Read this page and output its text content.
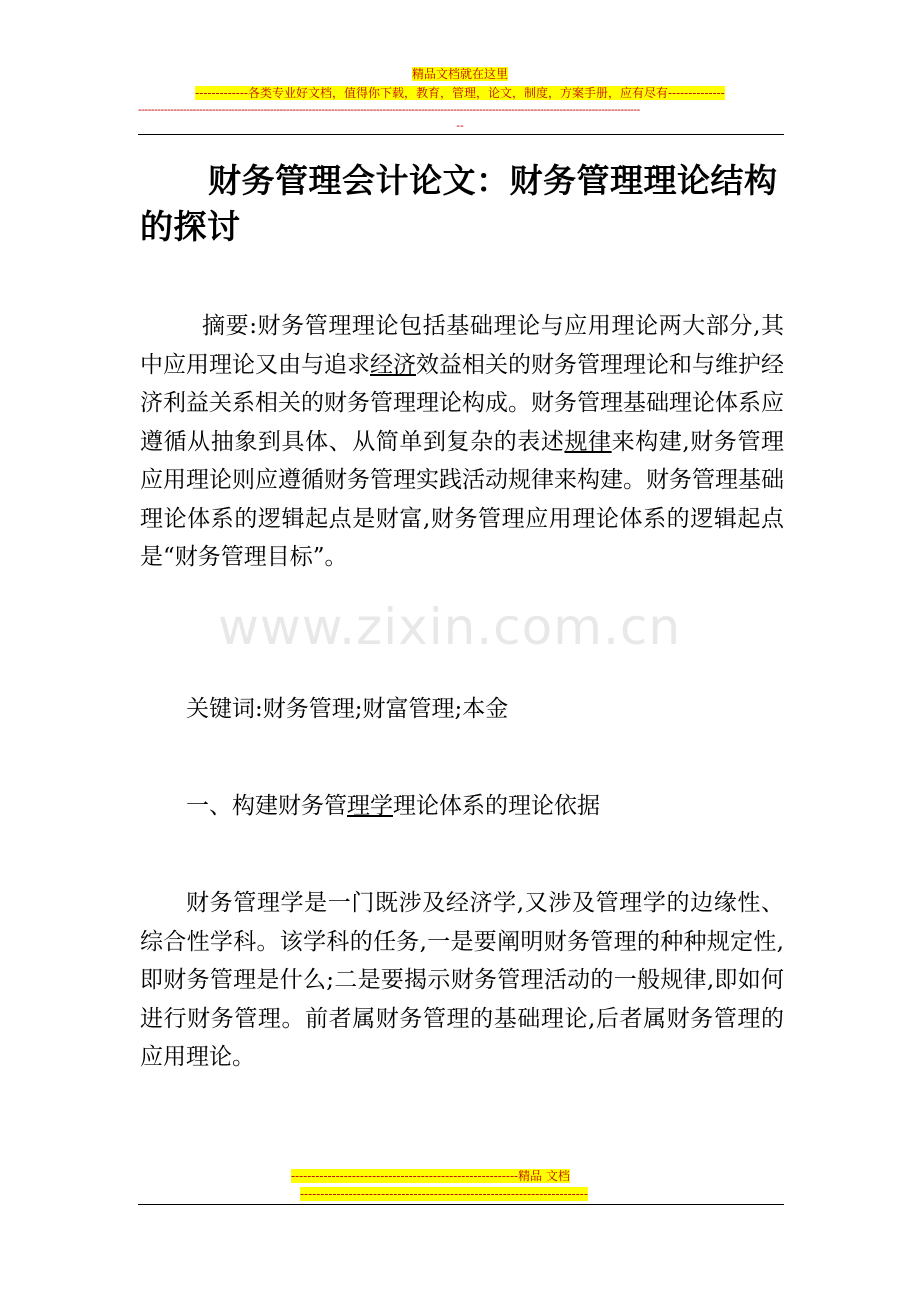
精品文档就在这里
-------------各类专业好文档，值得你下载，教育，管理，论文，制度，方案手册，应有尽有--------------
------------------------------------------------------------------------------------------------------------------------------------------------------------
--
财务管理会计论文：财务管理理论结构的探讨

摘要:财务管理理论包括基础理论与应用理论两大部分,其中应用理论又由与追求经济效益相关的财务管理理论和与维护经济利益关系相关的财务管理理论构成。财务管理基础理论体系应遵循从抽象到具体、从简单到复杂的表述规律来构建,财务管理应用理论则应遵循财务管理实践活动规律来构建。财务管理基础理论体系的逻辑起点是财富,财务管理应用理论体系的逻辑起点是“财务管理目标”。

www.zixin.com.cn

关键词:财务管理;财富管理;本金

一、构建财务管理学理论体系的理论依据

财务管理学是一门既涉及经济学,又涉及管理学的边缘性、综合性学科。该学科的任务,一是要阐明财务管理的种种规定性,即财务管理是什么;二是要揭示财务管理活动的一般规律,即如何进行财务管理。前者属财务管理的基础理论,后者属财务管理的应用理论。

--------------------------------------------------------精品 文档
-----------------------------------------------------------------------
